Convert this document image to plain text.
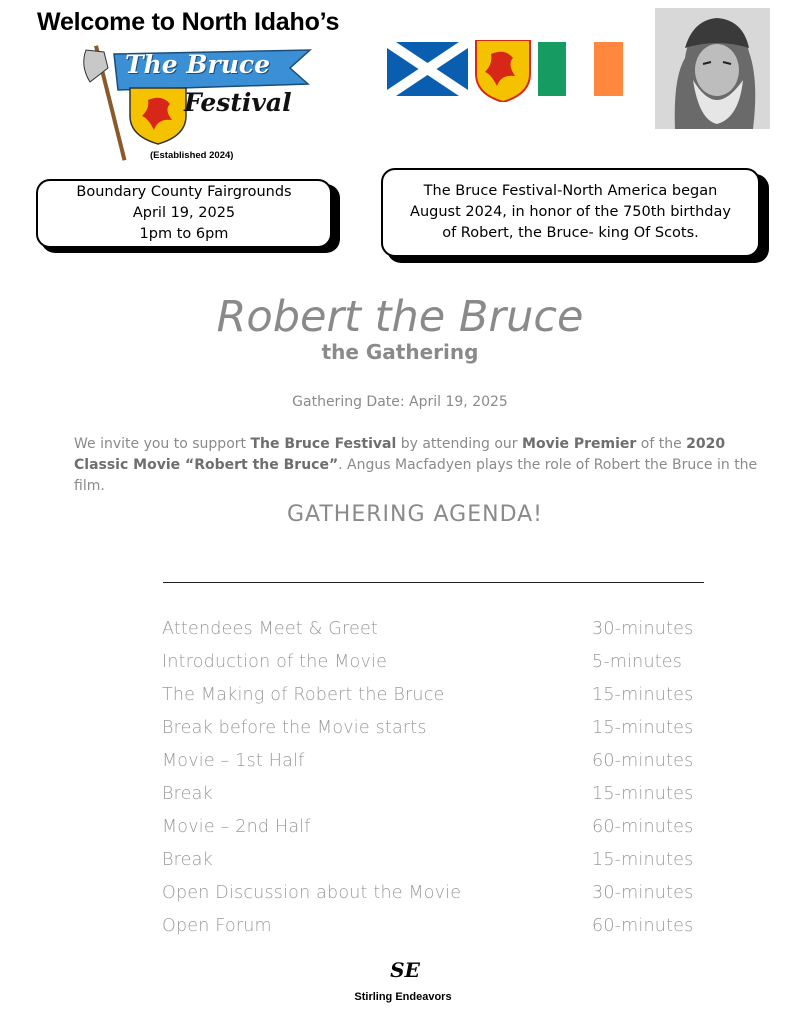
Welcome to North Idaho’s
The Bruce
Festival
(Established 2024)
Boundary County Fairgrounds
April 19, 2025
1pm to 6pm
The Bruce Festival-North America began
August 2024, in honor of the 750th birthday
of Robert, the Bruce- king Of Scots.
Robert the Bruce
the Gathering
Gathering Date: April 19, 2025
We invite you to support The Bruce Festival by attending our Movie Premier of the 2020 Classic Movie “Robert the Bruce”. Angus Macfadyen plays the role of Robert the Bruce in the film.
GATHERING AGENDA!
Attendees Meet & Greet	30-minutes
Introduction of the Movie	5-minutes
The Making of Robert the Bruce	15-minutes
Break before the Movie starts	15-minutes
Movie – 1st Half	60-minutes
Break	15-minutes
Movie – 2nd Half	60-minutes
Break	15-minutes
Open Discussion about the Movie	30-minutes
Open Forum	60-minutes
SE
Stirling Endeavors
